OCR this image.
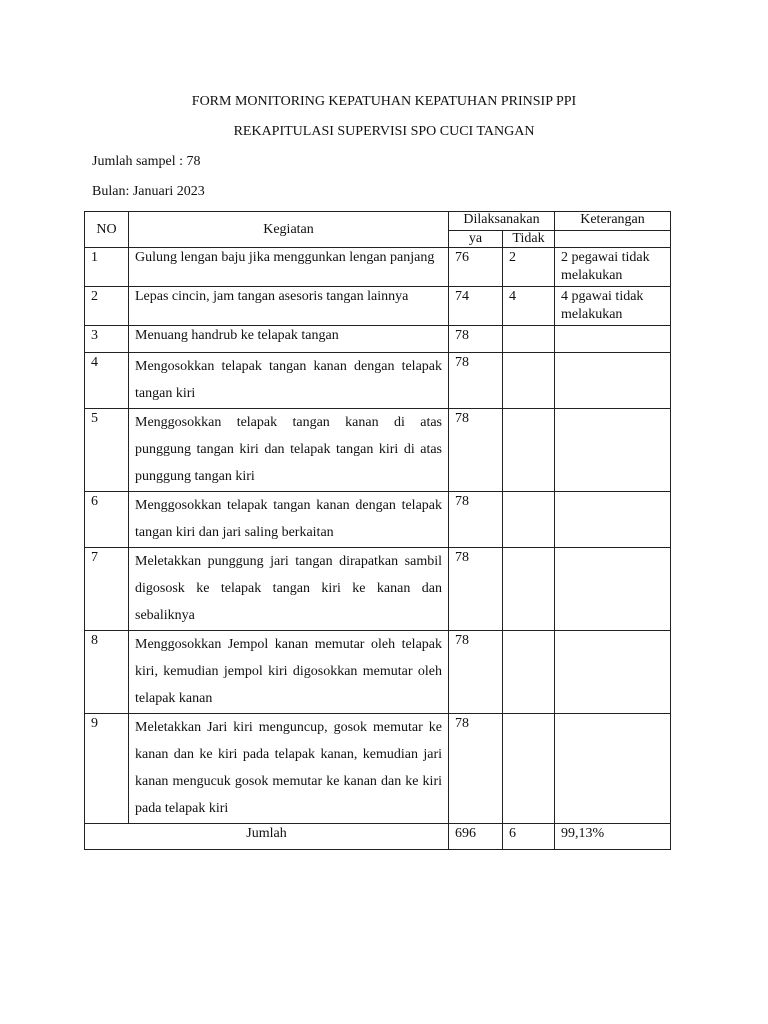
FORM MONITORING KEPATUHAN KEPATUHAN PRINSIP PPI
REKAPITULASI SUPERVISI SPO CUCI TANGAN
Jumlah sampel : 78
Bulan: Januari 2023
NO	Kegiatan	Dilaksanakan		Keterangan
		ya	Tidak	
1	Gulung lengan baju jika menggunkan lengan panjang	76	2	2 pegawai tidak melakukan
2	Lepas cincin, jam tangan asesoris tangan lainnya	74	4	4 pgawai tidak melakukan
3	Menuang handrub ke telapak tangan	78		
4	Mengosokkan telapak tangan kanan dengan telapak tangan kiri	78		
5	Menggosokkan telapak tangan kanan di atas punggung tangan kiri dan telapak tangan kiri di atas punggung tangan kiri	78		
6	Menggosokkan telapak tangan kanan dengan telapak tangan kiri dan jari saling berkaitan	78		
7	Meletakkan punggung jari tangan dirapatkan sambil digososk ke telapak tangan kiri ke kanan dan sebaliknya	78		
8	Menggosokkan Jempol kanan memutar oleh telapak kiri, kemudian jempol kiri digosokkan memutar oleh telapak kanan	78		
9	Meletakkan Jari kiri menguncup, gosok memutar ke kanan dan ke kiri pada telapak kanan, kemudian jari kanan mengucuk gosok memutar ke kanan dan ke kiri pada telapak kiri	78		
Jumlah		696	6	99,13%
